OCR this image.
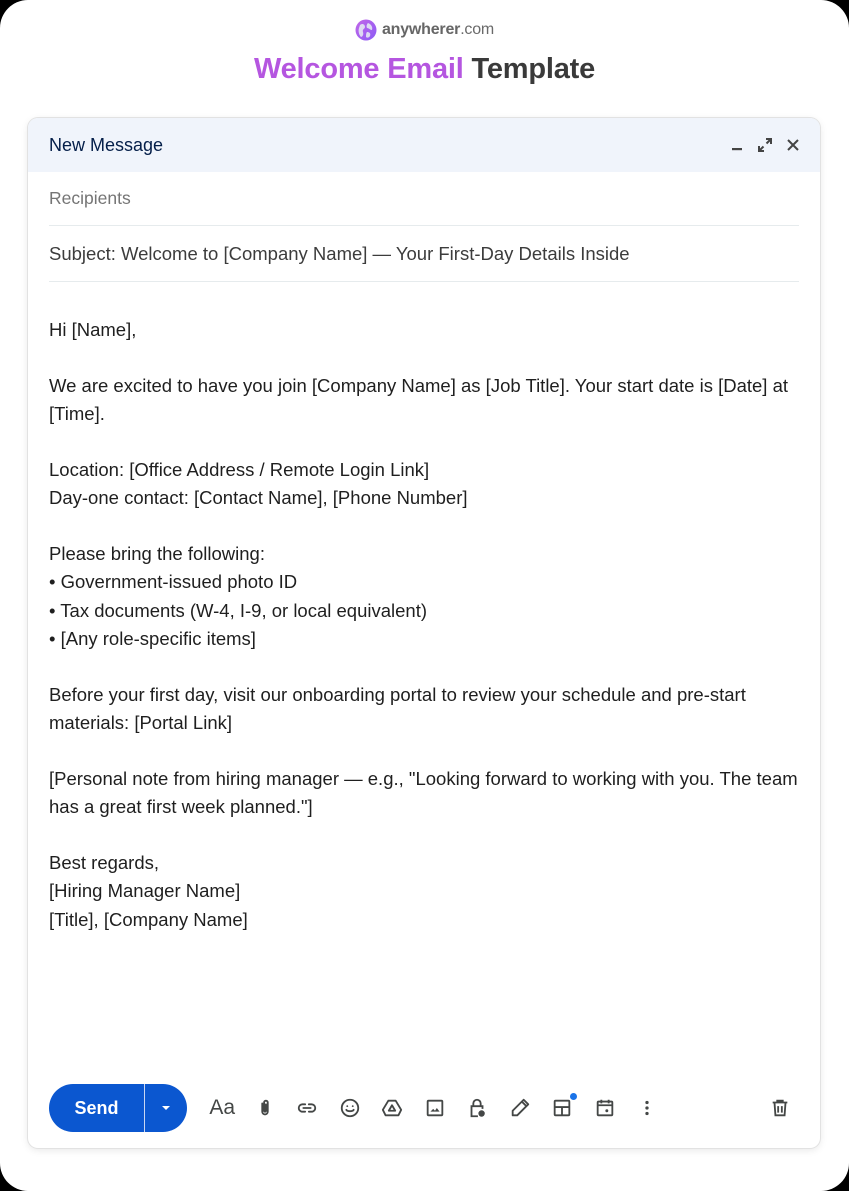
anywherer.com
Welcome Email Template
New Message
Recipients
Subject: Welcome to [Company Name] — Your First-Day Details Inside

Hi [Name],

We are excited to have you join [Company Name] as [Job Title]. Your start date is [Date] at [Time].

Location: [Office Address / Remote Login Link]
Day-one contact: [Contact Name], [Phone Number]

Please bring the following:
• Government-issued photo ID
• Tax documents (W-4, I-9, or local equivalent)
• [Any role-specific items]

Before your first day, visit our onboarding portal to review your schedule and pre-start materials: [Portal Link]

[Personal note from hiring manager — e.g., "Looking forward to working with you. The team has a great first week planned."]

Best regards,
[Hiring Manager Name]
[Title], [Company Name]

Send	Aa
